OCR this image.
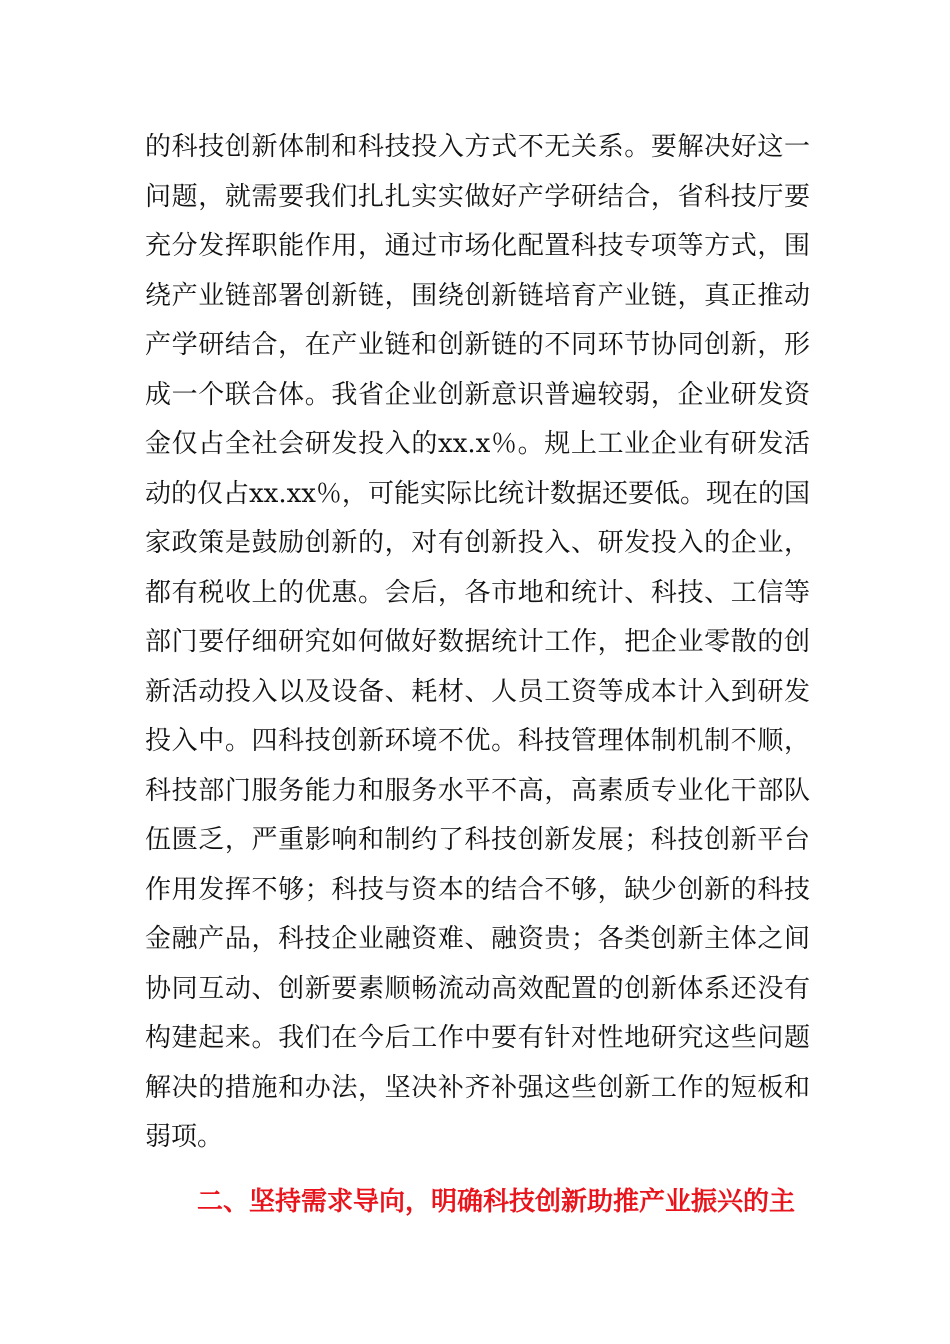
的科技创新体制和科技投入方式不无关系。要解决好这一
问题，就需要我们扎扎实实做好产学研结合，省科技厅要
充分发挥职能作用，通过市场化配置科技专项等方式，围
绕产业链部署创新链，围绕创新链培育产业链，真正推动
产学研结合，在产业链和创新链的不同环节协同创新，形
成一个联合体。我省企业创新意识普遍较弱，企业研发资
金仅占全社会研发投入的xx.x％。规上工业企业有研发活
动的仅占xx.xx％，可能实际比统计数据还要低。现在的国
家政策是鼓励创新的，对有创新投入、研发投入的企业，
都有税收上的优惠。会后，各市地和统计、科技、工信等
部门要仔细研究如何做好数据统计工作，把企业零散的创
新活动投入以及设备、耗材、人员工资等成本计入到研发
投入中。四科技创新环境不优。科技管理体制机制不顺，
科技部门服务能力和服务水平不高，高素质专业化干部队
伍匮乏，严重影响和制约了科技创新发展；科技创新平台
作用发挥不够；科技与资本的结合不够，缺少创新的科技
金融产品，科技企业融资难、融资贵；各类创新主体之间
协同互动、创新要素顺畅流动高效配置的创新体系还没有
构建起来。我们在今后工作中要有针对性地研究这些问题
解决的措施和办法，坚决补齐补强这些创新工作的短板和
弱项。
二、坚持需求导向，明确科技创新助推产业振兴的主
